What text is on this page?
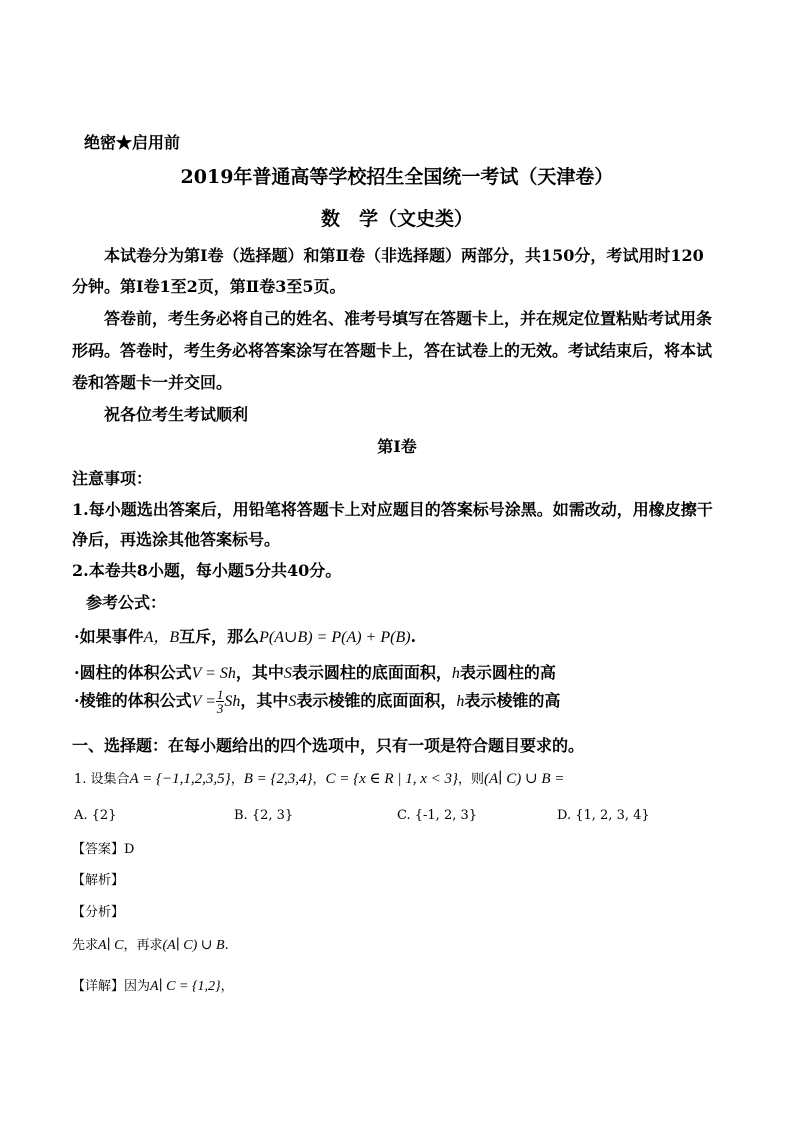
绝密★启用前
2019年普通高等学校招生全国统一考试（天津卷）
数　学（文史类）
本试卷分为第Ⅰ卷（选择题）和第Ⅱ卷（非选择题）两部分，共150分，考试用时120
分钟。第Ⅰ卷1至2页，第Ⅱ卷3至5页。
答卷前，考生务必将自己的姓名、准考号填写在答题卡上，并在规定位置粘贴考试用条
形码。答卷时，考生务必将答案涂写在答题卡上，答在试卷上的无效。考试结束后，将本试
卷和答题卡一并交回。
祝各位考生考试顺利
第Ⅰ卷
注意事项：
1.每小题选出答案后，用铅笔将答题卡上对应题目的答案标号涂黑。如需改动，用橡皮擦干
净后，再选涂其他答案标号。
2.本卷共8小题，每小题5分共40分。
参考公式：
·如果事件A，B互斥，那么P(A∪B) = P(A) + P(B).
·圆柱的体积公式V = Sh，其中S表示圆柱的底面面积，h表示圆柱的高
·棱锥的体积公式$V = \frac{1}{3}$ Sh，其中S表示棱锥的底面面积，h表示棱锥的高
一、选择题：在每小题给出的四个选项中，只有一项是符合题目要求的。
1. 设集合A = {−1,1,2,3,5}，B = {2,3,4}，C = {x ∈ R | 1, x < 3}，则(A∣ C) ∪ B =
A. {2}	B. {2, 3}	C. {-1, 2, 3}	D. {1, 2, 3, 4}
【答案】D
【解析】
【分析】
先求A∣ C，再求(A∣ C) ∪ B.
【详解】因为A∣ C = {1,2}，
